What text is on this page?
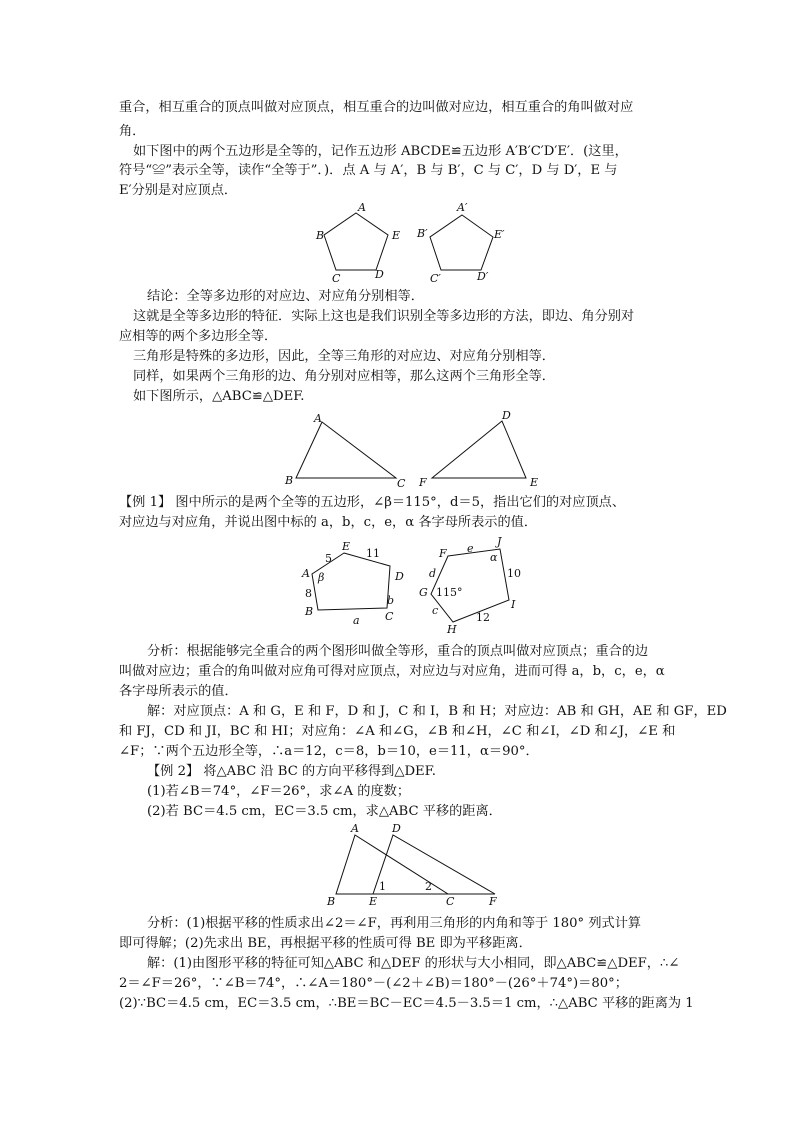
重合，相互重合的顶点叫做对应顶点，相互重合的边叫做对应边，相互重合的角叫做对应
角．
如下图中的两个五边形是全等的，记作五边形 ABCDE≌五边形 A′B′C′D′E′．(这里，
符号“≌”表示全等，读作“全等于”．)．点 A 与 A′，B 与 B′，C 与 C′，D 与 D′，E 与
E′分别是对应顶点．
A
B
C	D
E
A′
B′
C′	D′
E′
结论：全等多边形的对应边、对应角分别相等．
这就是全等多边形的特征．实际上这也是我们识别全等多边形的方法，即边、角分别对
应相等的两个多边形全等．
三角形是特殊的多边形，因此，全等三角形的对应边、对应角分别相等．
同样，如果两个三角形的边、角分别对应相等，那么这两个三角形全等．
如下图所示，△ABC≌△DEF.
A
B	C
D
E
F
【例 1】 图中所示的是两个全等的五边形，∠β＝115°，d＝5，指出它们的对应顶点、
对应边与对应角，并说出图中标的 a，b，c，e，α 各字母所表示的值．
E
A
B	C
D
β
5	11
8
a
b
F
G
H
I
J
e
α
d	10
c
12
115°
分析：根据能够完全重合的两个图形叫做全等形，重合的顶点叫做对应顶点；重合的边
叫做对应边；重合的角叫做对应角可得对应顶点，对应边与对应角，进而可得 a，b，c，e，α
各字母所表示的值．
解：对应顶点：A 和 G，E 和 F，D 和 J，C 和 I，B 和 H；对应边：AB 和 GH，AE 和 GF，ED
和 FJ，CD 和 JI，BC 和 HI；对应角：∠A 和∠G，∠B 和∠H，∠C 和∠I，∠D 和∠J，∠E 和
∠F；∵两个五边形全等，∴a＝12，c＝8，b＝10，e＝11，α＝90°．
【例 2】 将△ABC 沿 BC 的方向平移得到△DEF.
(1)若∠B＝74°，∠F＝26°，求∠A 的度数；
(2)若 BC＝4.5 cm，EC＝3.5 cm，求△ABC 平移的距离．
A	D
B	E	C	F
1	2
分析：(1)根据平移的性质求出∠2＝∠F，再利用三角形的内角和等于 180° 列式计算
即可得解；(2)先求出 BE，再根据平移的性质可得 BE 即为平移距离．
解：(1)由图形平移的特征可知△ABC 和△DEF 的形状与大小相同，即△ABC≌△DEF，∴∠
2＝∠F＝26°，∵∠B＝74°，∴∠A＝180°－(∠2＋∠B)＝180°－(26°＋74°)＝80°；
(2)∵BC＝4.5 cm，EC＝3.5 cm，∴BE＝BC－EC＝4.5－3.5＝1 cm，∴△ABC 平移的距离为 1
